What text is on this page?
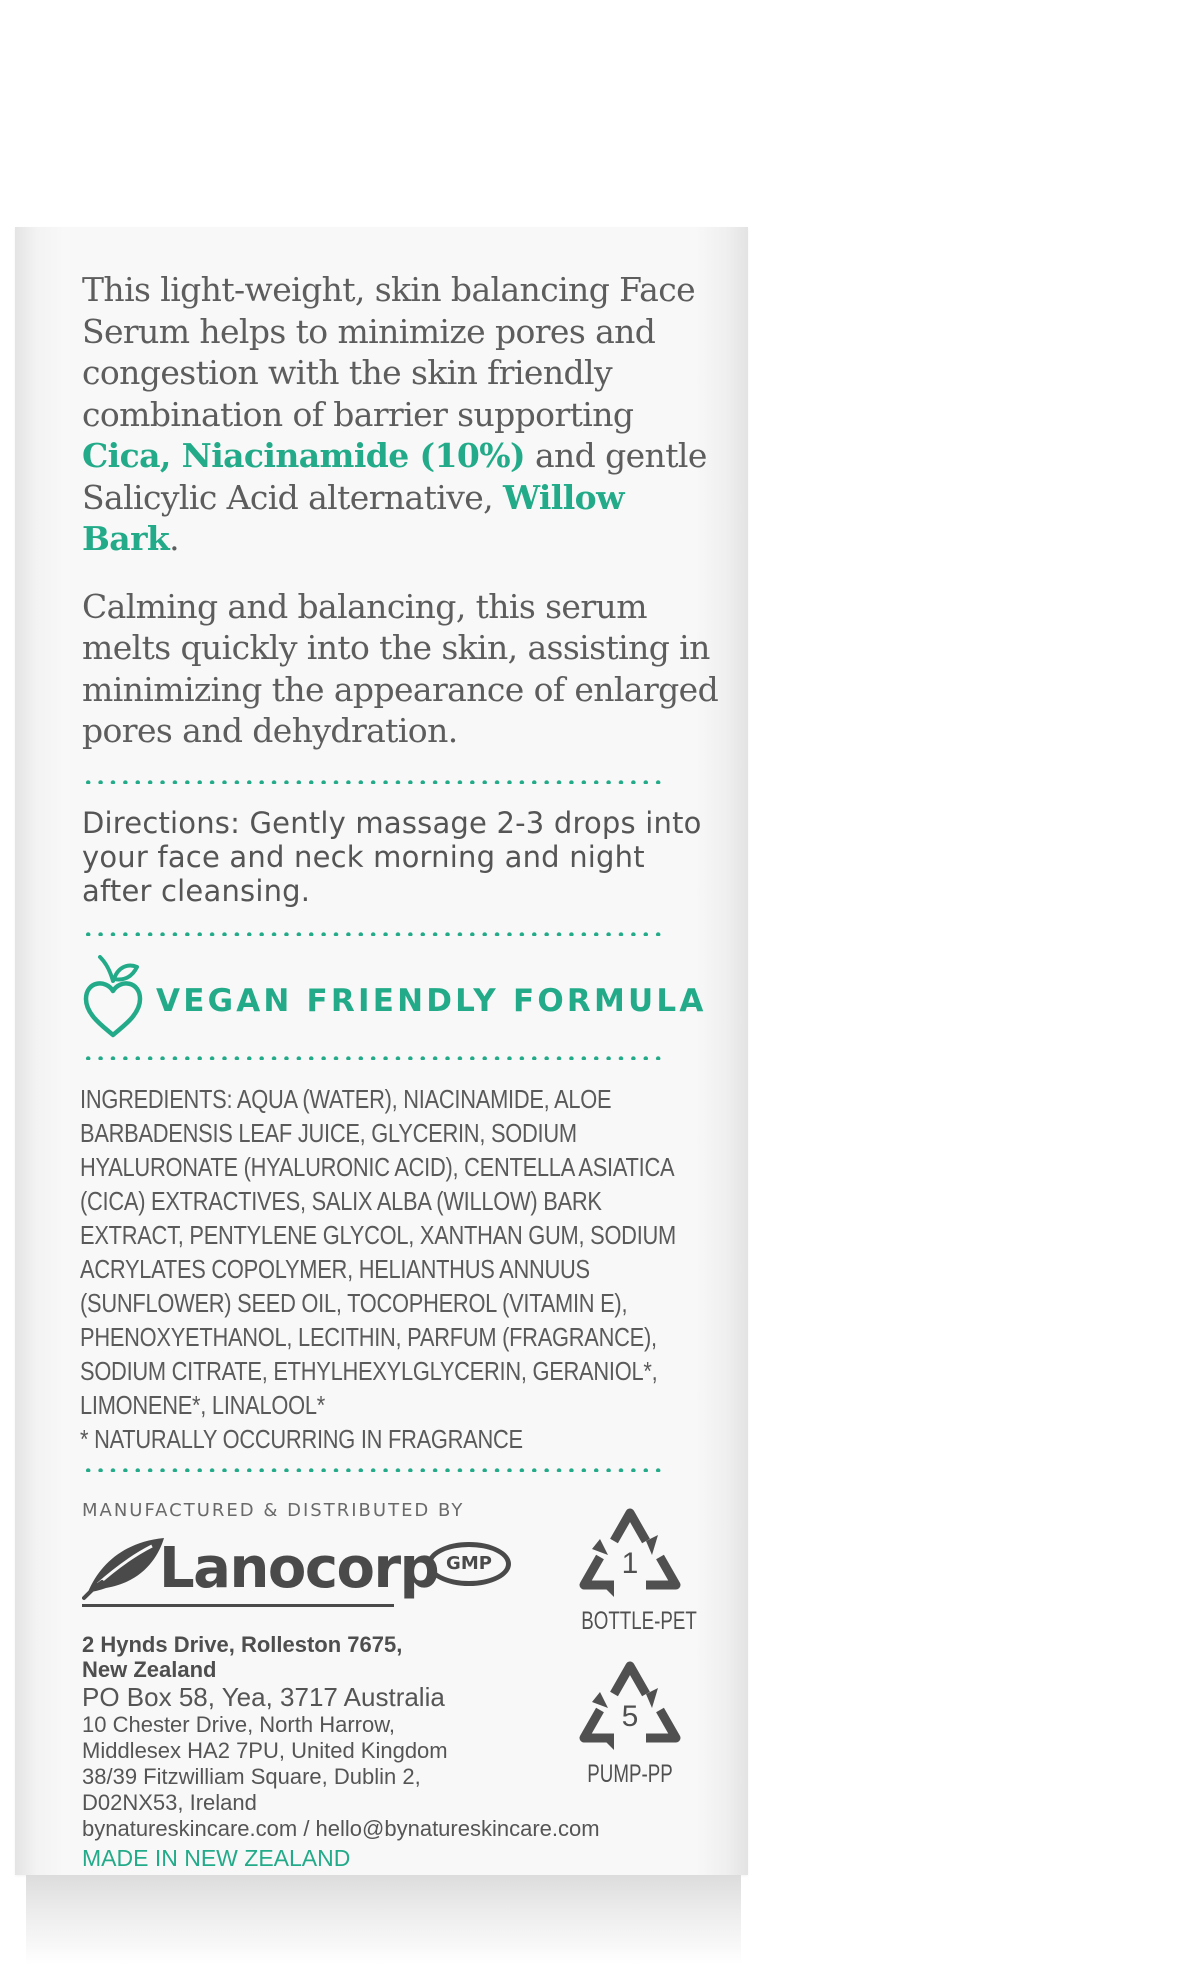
This light-weight, skin balancing Face Serum helps to minimize pores and congestion with the skin friendly combination of barrier supporting Cica, Niacinamide (10%) and gentle Salicylic Acid alternative, Willow Bark.

Calming and balancing, this serum melts quickly into the skin, assisting in minimizing the appearance of enlarged pores and dehydration.

Directions: Gently massage 2-3 drops into your face and neck morning and night after cleansing.

VEGAN FRIENDLY FORMULA
INGREDIENTS: AQUA (WATER), NIACINAMIDE, ALOE BARBADENSIS LEAF JUICE, GLYCERIN, SODIUM HYALURONATE (HYALURONIC ACID), CENTELLA ASIATICA (CICA) EXTRACTIVES, SALIX ALBA (WILLOW) BARK EXTRACT, PENTYLENE GLYCOL, XANTHAN GUM, SODIUM ACRYLATES COPOLYMER, HELIANTHUS ANNUUS (SUNFLOWER) SEED OIL, TOCOPHEROL (VITAMIN E), PHENOXYETHANOL, LECITHIN, PARFUM (FRAGRANCE), SODIUM CITRATE, ETHYLHEXYLGLYCERIN, GERANIOL*, LIMONENE*, LINALOOL*
* NATURALLY OCCURRING IN FRAGRANCE
MANUFACTURED & DISTRIBUTED BY
Lanocorp GMP

2 Hynds Drive, Rolleston 7675,

New Zealand

PO Box 58, Yea, 3717 Australia

10 Chester Drive, North Harrow,

Middlesex HA2 7PU, United Kingdom

38/39 Fitzwilliam Square, Dublin 2,

D02NX53, Ireland

bynatureskincare.com / hello@bynatureskincare.com

MADE IN NEW ZEALAND

1
BOTTLE-PET
5
PUMP-PP
